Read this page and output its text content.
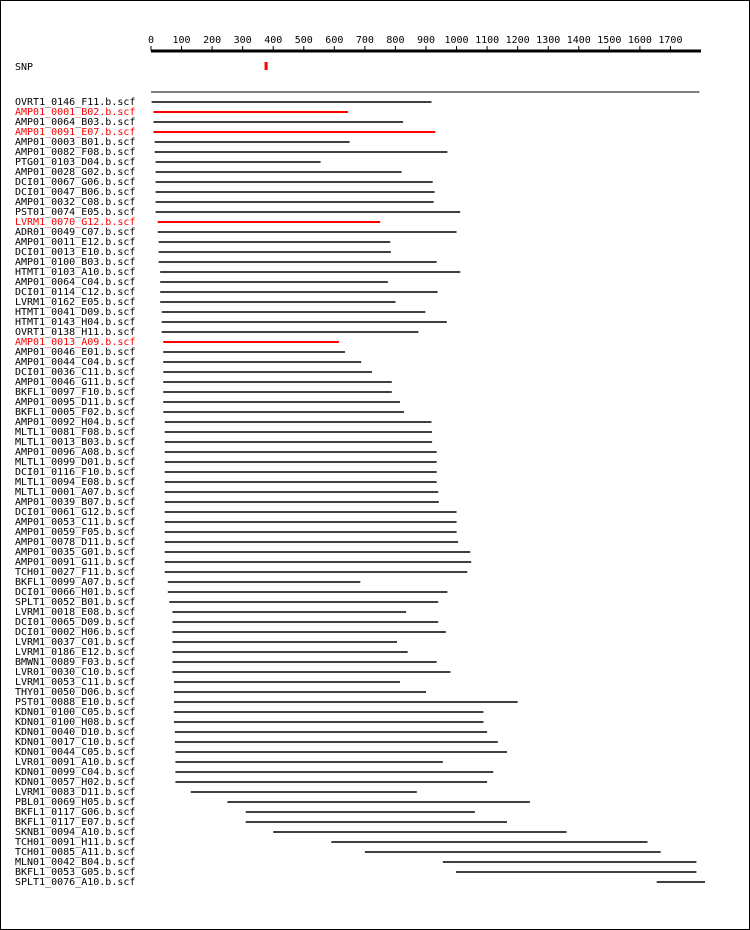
0 100 200 300 400 500 600 700 800 900 1000 1100 1200 1300 1400 1500 1600 1700
SNP
OVRT1_0146_F11.b.scf
AMP01_0001_B02.b.scf
AMP01_0064_B03.b.scf
AMP01_0091_E07.b.scf
AMP01_0003_B01.b.scf
AMP01_0082_F08.b.scf
PTG01_0103_D04.b.scf
AMP01_0028_G02.b.scf
DCI01_0067_G06.b.scf
DCI01_0047_B06.b.scf
AMP01_0032_C08.b.scf
PST01_0074_E05.b.scf
LVRM1_0070_G12.b.scf
ADR01_0049_C07.b.scf
AMP01_0011_E12.b.scf
DCI01_0013_E10.b.scf
AMP01_0100_B03.b.scf
HTMT1_0103_A10.b.scf
AMP01_0064_C04.b.scf
DCI01_0114_C12.b.scf
LVRM1_0162_E05.b.scf
HTMT1_0041_D09.b.scf
HTMT1_0143_H04.b.scf
OVRT1_0138_H11.b.scf
AMP01_0013_A09.b.scf
AMP01_0046_E01.b.scf
AMP01_0044_C04.b.scf
DCI01_0036_C11.b.scf
AMP01_0046_G11.b.scf
BKFL1_0097_F10.b.scf
AMP01_0095_D11.b.scf
BKFL1_0005_F02.b.scf
AMP01_0092_H04.b.scf
MLTL1_0081_F08.b.scf
MLTL1_0013_B03.b.scf
AMP01_0096_A08.b.scf
MLTL1_0099_D01.b.scf
DCI01_0116_F10.b.scf
MLTL1_0094_E08.b.scf
MLTL1_0001_A07.b.scf
AMP01_0039_B07.b.scf
DCI01_0061_G12.b.scf
AMP01_0053_C11.b.scf
AMP01_0059_F05.b.scf
AMP01_0078_D11.b.scf
AMP01_0035_G01.b.scf
AMP01_0091_G11.b.scf
TCH01_0027_F11.b.scf
BKFL1_0099_A07.b.scf
DCI01_0066_H01.b.scf
SPLT1_0052_B01.b.scf
LVRM1_0018_E08.b.scf
DCI01_0065_D09.b.scf
DCI01_0002_H06.b.scf
LVRM1_0037_C01.b.scf
LVRM1_0186_E12.b.scf
BMWN1_0089_F03.b.scf
LVR01_0030_C10.b.scf
LVRM1_0053_C11.b.scf
THY01_0050_D06.b.scf
PST01_0088_E10.b.scf
KDN01_0100_C05.b.scf
KDN01_0100_H08.b.scf
KDN01_0040_D10.b.scf
KDN01_0017_C10.b.scf
KDN01_0044_C05.b.scf
LVR01_0091_A10.b.scf
KDN01_0099_C04.b.scf
KDN01_0057_H02.b.scf
LVRM1_0083_D11.b.scf
PBL01_0069_H05.b.scf
BKFL1_0117_G06.b.scf
BKFL1_0117_E07.b.scf
SKNB1_0094_A10.b.scf
TCH01_0091_H11.b.scf
TCH01_0085_A11.b.scf
MLN01_0042_B04.b.scf
BKFL1_0053_G05.b.scf
SPLT1_0076_A10.b.scf
